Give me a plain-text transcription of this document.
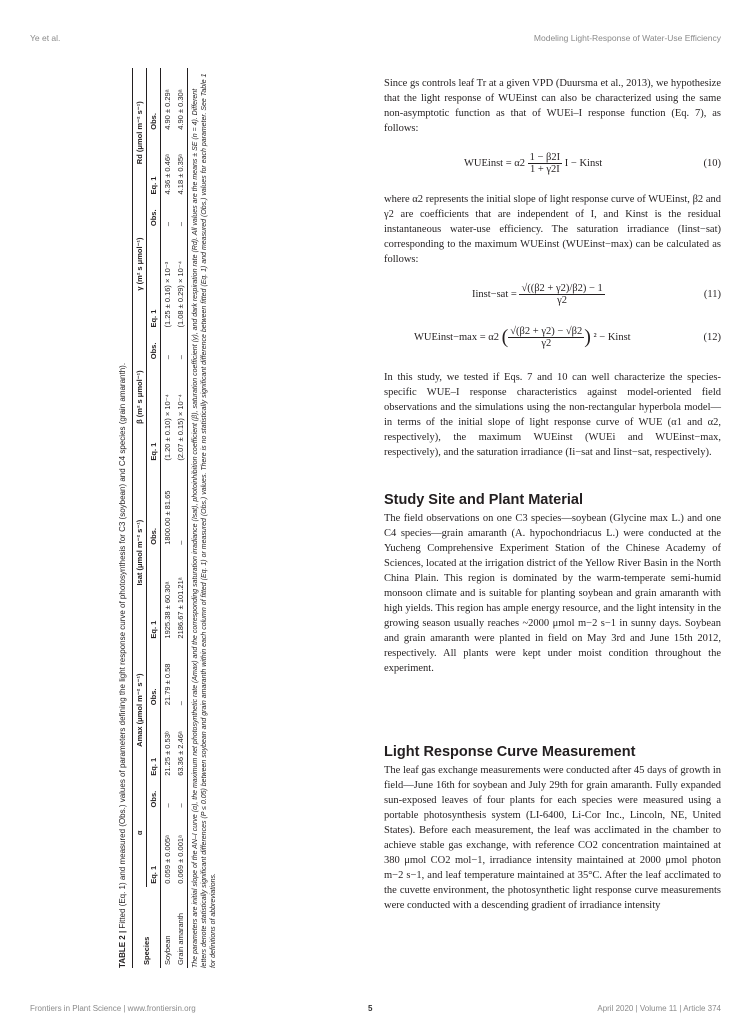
Ye et al.	Modeling Light-Response of Water-Use Efficiency
TABLE 2 | Fitted (Eq. 1) and measured (Obs.) values of parameters defining the light response curve of photosynthesis for C3 (soybean) and C4 species (grain amaranth).
Species	α		Amax (μmol m⁻² s⁻¹)		Isat (μmol m⁻² s⁻¹)		β (m² s μmol⁻¹)		γ (m² s μmol⁻¹)		Rd (μmol m⁻² s⁻¹)	
	Eq. 1	Obs.	Eq. 1	Obs.	Eq. 1	Obs.	Eq. 1	Obs.	Eq. 1	Obs.	Eq. 1	Obs.
Soybean	0.059 ± 0.005ᵃ	–	21.25 ± 0.53ᵇ	21.79 ± 0.58	1925.38 ± 60.30ᵃ	1800.00 ± 81.65	(1.20 ± 0.10) × 10⁻⁴	–	(1.25 ± 0.16) × 10⁻³	–	4.36 ± 0.46ᵃ	4.90 ± 0.29ᵃ
Grain amaranth	0.069 ± 0.001ᵃ	–	63.36 ± 2.46ᵃ	–	2186.67 ± 101.21ᵃ	–	(2.07 ± 0.15) × 10⁻⁴	–	(1.08 ± 0.29) × 10⁻⁴	–	4.18 ± 0.35ᵃ	4.90 ± 0.30ᵃ The parameters are initial slope of the AN–I curve (α), the maximum net photosynthetic rate (Amax) and the corresponding saturation irradiance (Isat), photoinhibition coefficient (β), saturation coefficient (γ), and dark respiration rate (Rd). All values are the means ± SE (n = 4). Different letters denote statistically significant differences (P ≤ 0.05) between soybean and grain amaranth within each column of fitted (Eq. 1) or measured (Obs.) values. There is no statistically significant difference between fitted (Eq. 1) and measured (Obs.) values for each parameter. See Table 1 for definitions of abbreviations.

Since gs controls leaf Tr at a given VPD (Duursma et al., 2013), we hypothesize that the light response of WUEinst can also be characterized using the same non-asymptotic function as that of WUEi–I response function (Eq. 7), as follows:

WUEinst = $\alpha 2 \frac{1 - \beta 2I}{1 + \gamma 2I}$ I − Kinst	(10)

where α2 represents the initial slope of light response curve of WUEinst, β2 and γ2 are coefficients that are independent of I, and Kinst is the residual instantaneous water-use efficiency. The saturation irradiance (Iinst−sat) corresponding to the maximum WUEinst (WUEinst−max) can be calculated as follows:

Iinst−sat = $\frac{√((\beta 2 + \gamma 2)/\beta 2) - 1}{\gamma 2}$	(11)
WUEinst−max = α2 ( $\frac{√(\beta 2 + \gamma 2) - √\beta 2}{\gamma 2}$ ) ² − Kinst	(12)

In this study, we tested if Eqs. 7 and 10 can well characterize the species-specific WUE–I response characteristics against model-oriented field observations and the simulations using the non-rectangular hyperbola model—in terms of the initial slope of light response curve of WUE (α1 and α2, respectively), the maximum WUEinst (WUEi and WUEinst−max, respectively), and the saturation irradiance (Ii−sat and Iinst−sat, respectively).

Study Site and Plant Material

The field observations on one C3 species—soybean (Glycine max L.) and one C4 species—grain amaranth (A. hypochondriacus L.) were conducted at the Yucheng Comprehensive Experiment Station of the Chinese Academy of Sciences, located at the irrigation district of the Yellow River Basin in the North China Plain. This region is dominated by the warm-temperate semi-humid monsoon climate and is suitable for planting soybean and grain amaranth with high yields. This region has ample energy resource, and the light intensity in the growing season usually reaches ~2000 μmol m−2 s−1 in sunny days. Soybean and grain amaranth were planted in field on May 3rd and June 15th 2012, respectively. All plants were kept under moist condition throughout the experiment.

Light Response Curve Measurement

The leaf gas exchange measurements were conducted after 45 days of growth in field—June 16th for soybean and July 29th for grain amaranth. Fully expanded sun-exposed leaves of four plants for each species were measured using a portable photosynthesis system (LI-6400, Li-Cor Inc., Lincoln, NE, United States). Before each measurement, the leaf was acclimated in the chamber to achieve stable gas exchange, with reference CO2 concentration maintained at 380 μmol CO2 mol−1, irradiance intensity maintained at 2000 μmol photon m−2 s−1, and leaf temperature maintained at 35°C. After the leaf acclimated to the cuvette environment, the photosynthetic light response curve measurements were conducted with a descending gradient of irradiance intensity

Frontiers in Plant Science | www.frontiersin.org	5	April 2020 | Volume 11 | Article 374
